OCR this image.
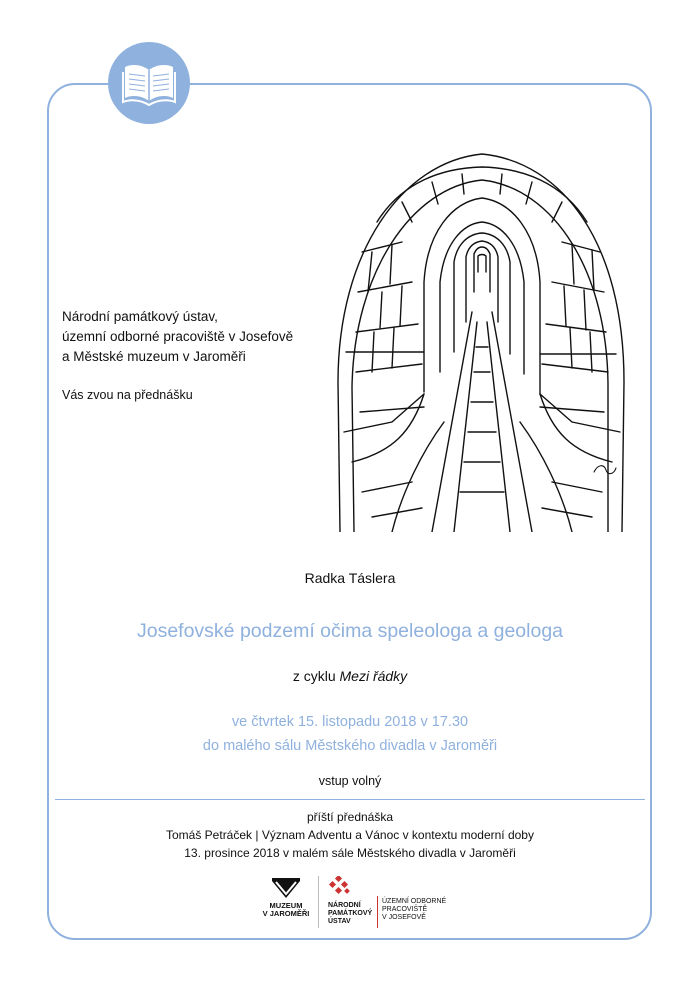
Národní památkový ústav,
územní odborné pracoviště v Josefově
a Městské muzeum v Jaroměři
Vás zvou na přednášku
Radka Táslera
Josefovské podzemí očima speleologa a geologa
z cyklu Mezi řádky
ve čtvrtek 15. listopadu 2018 v 17.30
do malého sálu Městského divadla v Jaroměři
vstup volný
příští přednáška
Tomáš Petráček | Význam Adventu a Vánoc v kontextu moderní doby
13. prosince 2018 v malém sále Městského divadla v Jaroměři
MUZEUM
V JAROMĚŘI
NÁRODNÍ
PAMÁTKOVÝ
ÚSTAV
ÚZEMNÍ ODBORNÉ
PRACOVIŠTĚ
V JOSEFOVĚ
